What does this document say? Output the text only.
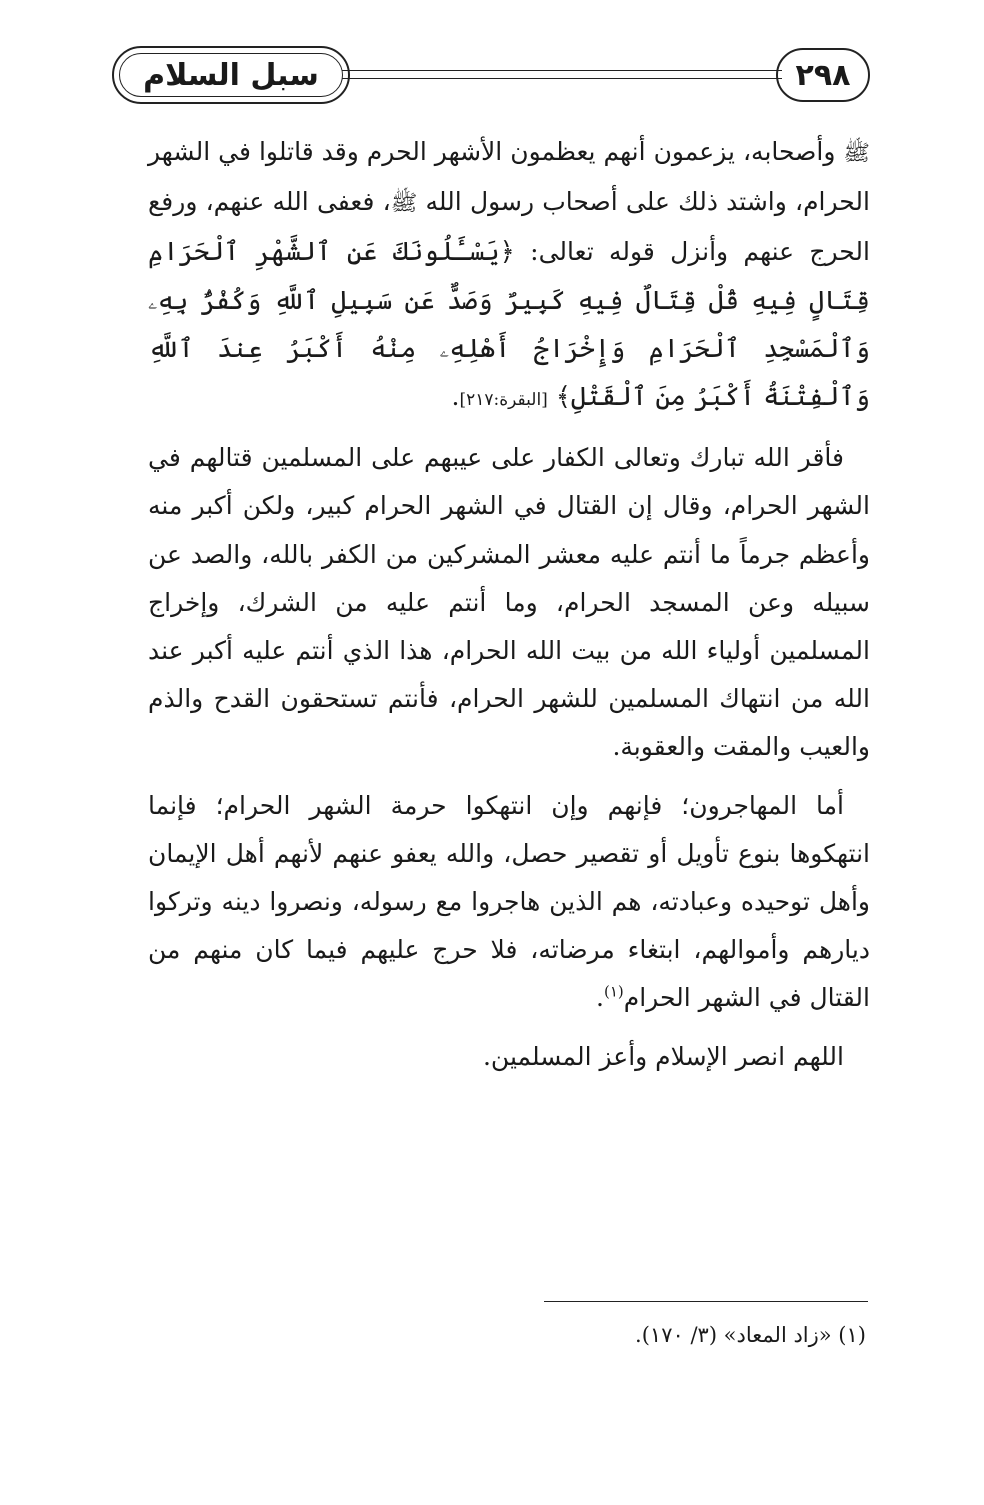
سبل السلام	٢٩٨

ﷺ وأصحابه، يزعمون أنهم يعظمون الأشهر الحرم وقد قاتلوا في الشهر الحرام، واشتد ذلك على أصحاب رسول الله ﷺ، فعفى الله عنهم، ورفع الحرج عنهم وأنزل قوله تعالى: ﴿يَسْـَٔلُونَكَ عَنِ ٱلشَّهْرِ ٱلْحَرَامِ قِتَالٍ فِيهِ قُلْ قِتَالٌ فِيهِ كَبِيرٌ وَصَدٌّ عَن سَبِيلِ ٱللَّهِ وَكُفْرٌۢ بِهِۦ وَٱلْمَسْجِدِ ٱلْحَرَامِ وَإِخْرَاجُ أَهْلِهِۦ مِنْهُ أَكْبَرُ عِندَ ٱللَّهِ وَٱلْفِتْنَةُ أَكْبَرُ مِنَ ٱلْقَتْلِ﴾ [البقرة:٢١٧].

فأقر الله تبارك وتعالى الكفار على عيبهم على المسلمين قتالهم في الشهر الحرام، وقال إن القتال في الشهر الحرام كبير، ولكن أكبر منه وأعظم جرماً ما أنتم عليه معشر المشركين من الكفر بالله، والصد عن سبيله وعن المسجد الحرام، وما أنتم عليه من الشرك، وإخراج المسلمين أولياء الله من بيت الله الحرام، هذا الذي أنتم عليه أكبر عند الله من انتهاك المسلمين للشهر الحرام، فأنتم تستحقون القدح والذم والعيب والمقت والعقوبة.

أما المهاجرون؛ فإنهم وإن انتهكوا حرمة الشهر الحرام؛ فإنما انتهكوها بنوع تأويل أو تقصير حصل، والله يعفو عنهم لأنهم أهل الإيمان وأهل توحيده وعبادته، هم الذين هاجروا مع رسوله، ونصروا دينه وتركوا ديارهم وأموالهم، ابتغاء مرضاته، فلا حرج عليهم فيما كان منهم من القتال في الشهر الحرام$^{(١)}$.

اللهم انصر الإسلام وأعز المسلمين.

(١) «زاد المعاد» (٣/ ١٧٠).
